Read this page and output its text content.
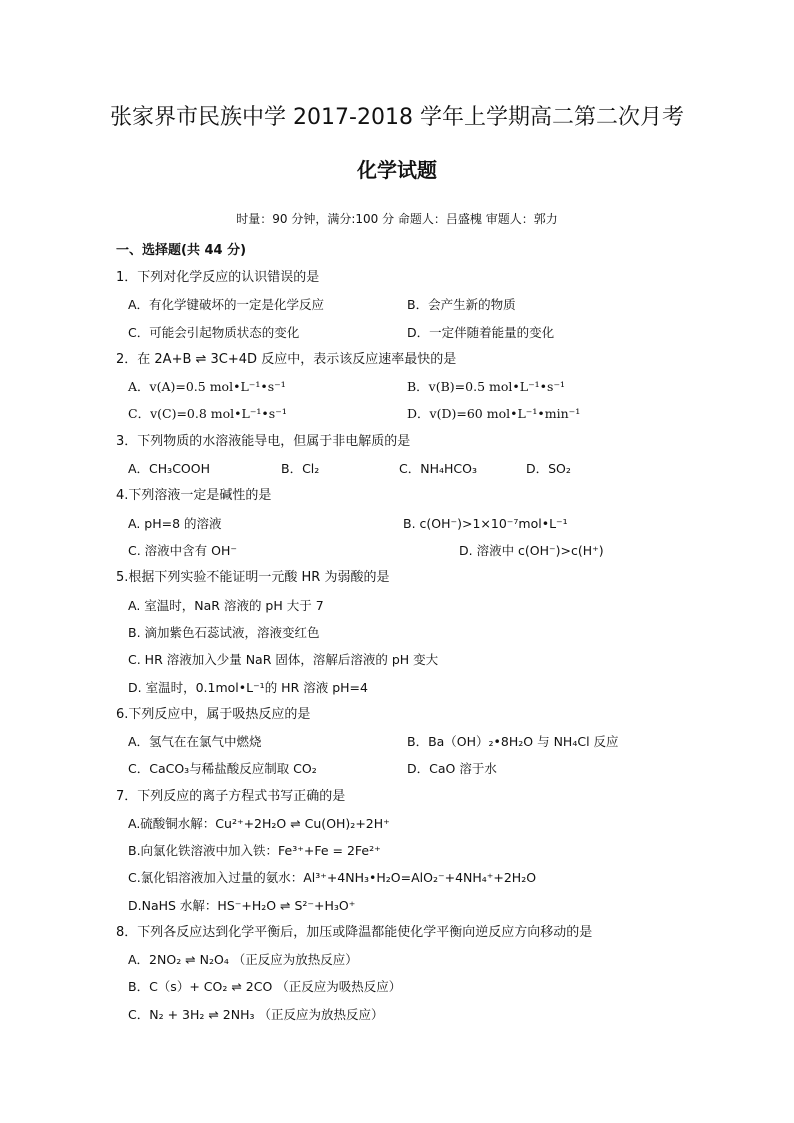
张家界市民族中学 2017-2018 学年上学期高二第二次月考
化学试题
时量：90 分钟，满分:100 分 命题人：吕盛槐 审题人：郭力
一、选择题(共 44 分)
1．下列对化学反应的认识错误的是
A．有化学键破坏的一定是化学反应	B．会产生新的物质
C．可能会引起物质状态的变化	D．一定伴随着能量的变化
2．在 2A+B ⇌ 3C+4D 反应中，表示该反应速率最快的是
A．v(A)=0.5 mol•L⁻¹•s⁻¹	B．v(B)=0.5 mol•L⁻¹•s⁻¹
C．v(C)=0.8 mol•L⁻¹•s⁻¹	D．v(D)=60 mol•L⁻¹•min⁻¹
3．下列物质的水溶液能导电，但属于非电解质的是
A．CH₃COOH	B．Cl₂	C．NH₄HCO₃	D．SO₂
4.下列溶液一定是碱性的是
A. pH=8 的溶液	B. c(OH⁻)>1×10⁻⁷mol•L⁻¹
C. 溶液中含有 OH⁻	D. 溶液中 c(OH⁻)>c(H⁺)
5.根据下列实验不能证明一元酸 HR 为弱酸的是
A. 室温时，NaR 溶液的 pH 大于 7
B. 滴加紫色石蕊试液，溶液变红色
C. HR 溶液加入少量 NaR 固体，溶解后溶液的 pH 变大
D. 室温时，0.1mol•L⁻¹的 HR 溶液 pH=4
6.下列反应中，属于吸热反应的是
A．氢气在在氯气中燃烧	B．Ba（OH）₂•8H₂O 与 NH₄Cl 反应
C．CaCO₃与稀盐酸反应制取 CO₂	D．CaO 溶于水
7．下列反应的离子方程式书写正确的是
A.硫酸铜水解：Cu²⁺+2H₂O ⇌ Cu(OH)₂+2H⁺
B.向氯化铁溶液中加入铁：Fe³⁺+Fe = 2Fe²⁺
C.氯化铝溶液加入过量的氨水：Al³⁺+4NH₃•H₂O=AlO₂⁻+4NH₄⁺+2H₂O
D.NaHS 水解：HS⁻+H₂O ⇌ S²⁻+H₃O⁺
8．下列各反应达到化学平衡后，加压或降温都能使化学平衡向逆反应方向移动的是
A．2NO₂ ⇌ N₂O₄ （正反应为放热反应）
B．C（s）+ CO₂ ⇌ 2CO （正反应为吸热反应）
C．N₂ + 3H₂ ⇌ 2NH₃ （正反应为放热反应）
